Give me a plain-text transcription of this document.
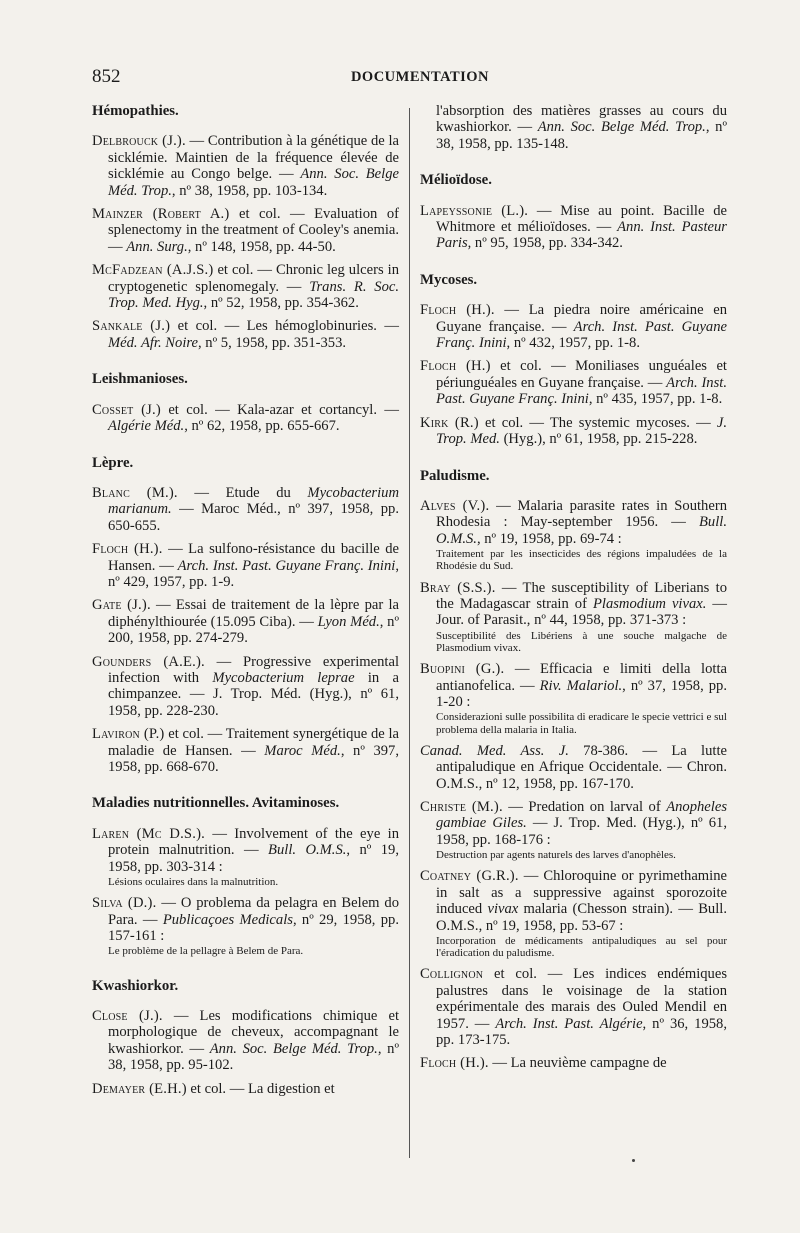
852	DOCUMENTATION
Hémopathies.
Delbrouck (J.). — Contribution à la génétique de la sicklémie. Maintien de la fréquence élevée de sicklémie au Congo belge. — Ann. Soc. Belge Méd. Trop., nº 38, 1958, pp. 103-134.
Mainzer (Robert A.) et col. — Evaluation of splenectomy in the treatment of Cooley's anemia. — Ann. Surg., nº 148, 1958, pp. 44-50.
McFadzean (A.J.S.) et col. — Chronic leg ulcers in cryptogenetic splenomegaly. — Trans. R. Soc. Trop. Med. Hyg., nº 52, 1958, pp. 354-362.
Sankale (J.) et col. — Les hémoglobinuries. — Méd. Afr. Noire, nº 5, 1958, pp. 351-353.
Leishmanioses.
Cosset (J.) et col. — Kala-azar et cortancyl. — Algérie Méd., nº 62, 1958, pp. 655-667.
Lèpre.
Blanc (M.). — Etude du Mycobacterium marianum. — Maroc Méd., nº 397, 1958, pp. 650-655.
Floch (H.). — La sulfono-résistance du bacille de Hansen. — Arch. Inst. Past. Guyane Franç. Inini, nº 429, 1957, pp. 1-9.
Gate (J.). — Essai de traitement de la lèpre par la diphénylthiourée (15.095 Ciba). — Lyon Méd., nº 200, 1958, pp. 274-279.
Gounders (A.E.). — Progressive experimental infection with Mycobacterium leprae in a chimpanzee. — J. Trop. Méd. (Hyg.), nº 61, 1958, pp. 228-230.
Laviron (P.) et col. — Traitement synergétique de la maladie de Hansen. — Maroc Méd., nº 397, 1958, pp. 668-670.
Maladies nutritionnelles. Avitaminoses.
Laren (Mc D.S.). — Involvement of the eye in protein malnutrition. — Bull. O.M.S., nº 19, 1958, pp. 303-314 :
Lésions oculaires dans la malnutrition.
Silva (D.). — O problema da pelagra en Belem do Para. — Publicaçoes Medicals, nº 29, 1958, pp. 157-161 :
Le problème de la pellagre à Belem de Para.
Kwashiorkor.
Close (J.). — Les modifications chimique et morphologique de cheveux, accompagnant le kwashiorkor. — Ann. Soc. Belge Méd. Trop., nº 38, 1958, pp. 95-102.
Demayer (E.H.) et col. — La digestion et
l'absorption des matières grasses au cours du kwashiorkor. — Ann. Soc. Belge Méd. Trop., nº 38, 1958, pp. 135-148.
Mélioïdose.
Lapeyssonie (L.). — Mise au point. Bacille de Whitmore et mélioïdoses. — Ann. Inst. Pasteur Paris, nº 95, 1958, pp. 334-342.
Mycoses.
Floch (H.). — La piedra noire américaine en Guyane française. — Arch. Inst. Past. Guyane Franç. Inini, nº 432, 1957, pp. 1-8.
Floch (H.) et col. — Moniliases unguéales et périunguéales en Guyane française. — Arch. Inst. Past. Guyane Franç. Inini, nº 435, 1957, pp. 1-8.
Kirk (R.) et col. — The systemic mycoses. — J. Trop. Med. (Hyg.), nº 61, 1958, pp. 215-228.
Paludisme.
Alves (V.). — Malaria parasite rates in Southern Rhodesia : May-september 1956. — Bull. O.M.S., nº 19, 1958, pp. 69-74 :
Traitement par les insecticides des régions impaludées de la Rhodésie du Sud.
Bray (S.S.). — The susceptibility of Liberians to the Madagascar strain of Plasmodium vivax. — Jour. of Parasit., nº 44, 1958, pp. 371-373 :
Susceptibilité des Libériens à une souche malgache de Plasmodium vivax.
Buopini (G.). — Efficacia e limiti della lotta antianofelica. — Riv. Malariol., nº 37, 1958, pp. 1-20 :
Considerazioni sulle possibilita di eradicare le specie vettrici e sul problema della malaria in Italia.
Canad. Med. Ass. J. 78-386. — La lutte antipaludique en Afrique Occidentale. — Chron. O.M.S., nº 12, 1958, pp. 167-170.
Christe (M.). — Predation on larval of Anopheles gambiae Giles. — J. Trop. Med. (Hyg.), nº 61, 1958, pp. 168-176 :
Destruction par agents naturels des larves d'anophèles.
Coatney (G.R.). — Chloroquine or pyrimethamine in salt as a suppressive against sporozoite induced vivax malaria (Chesson strain). — Bull. O.M.S., nº 19, 1958, pp. 53-67 :
Incorporation de médicaments antipaludiques au sel pour l'éradication du paludisme.
Collignon et col. — Les indices endémiques palustres dans le voisinage de la station expérimentale des marais des Ouled Mendil en 1957. — Arch. Inst. Past. Algérie, nº 36, 1958, pp. 173-175.
Floch (H.). — La neuvième campagne de
